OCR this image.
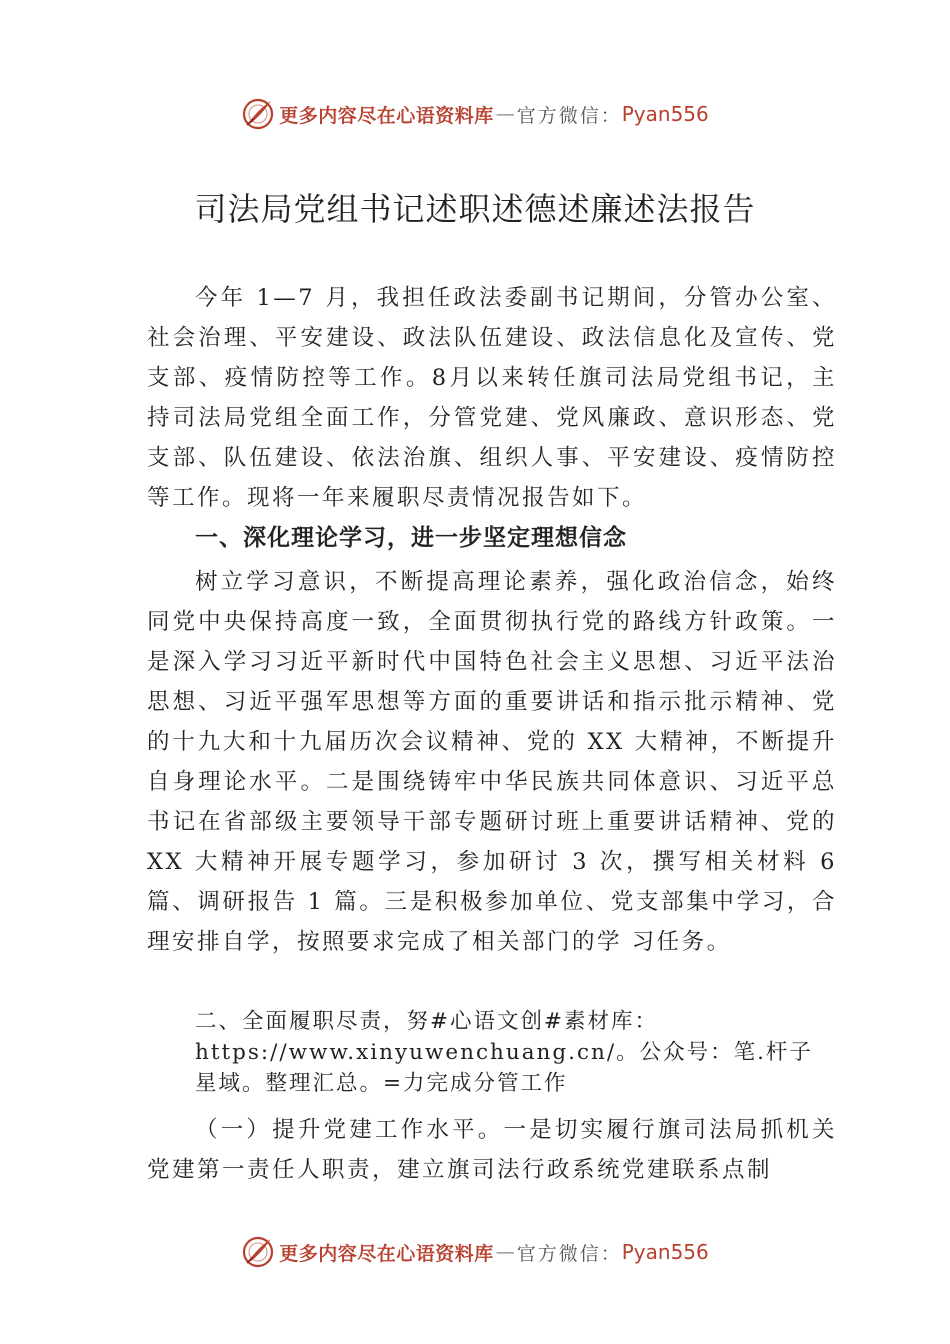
更多内容尽在心语资料库 — 官方微信： Pyan556
司法局党组书记述职述德述廉述法报告

今年 1—7 月，我担任政法委副书记期间，分管办公室、社会治理、平安建设、政法队伍建设、政法信息化及宣传、党支部、疫情防控等工作。8月以来转任旗司法局党组书记，主持司法局党组全面工作，分管党建、党风廉政、意识形态、党支部、队伍建设、依法治旗、组织人事、平安建设、疫情防控等工作。现将一年来履职尽责情况报告如下。

一、深化理论学习，进一步坚定理想信念

树立学习意识，不断提高理论素养，强化政治信念，始终同党中央保持高度一致，全面贯彻执行党的路线方针政策。一是深入学习习近平新时代中国特色社会主义思想、习近平法治思想、习近平强军思想等方面的重要讲话和指示批示精神、党的十九大和十九届历次会议精神、党的 XX 大精神，不断提升自身理论水平。二是围绕铸牢中华民族共同体意识、习近平总书记在省部级主要领导干部专题研讨班上重要讲话精神、党的 XX 大精神开展专题学习，参加研讨 3 次，撰写相关材料 6 篇、调研报告 1 篇。三是积极参加单位、党支部集中学习，合理安排自学，按照要求完成了相关部门的学 习任务。

二、全面履职尽责，努#心语文创#素材库：https://www.xinyuwenchuang.cn/。公众号：笔.杆子星域。整理汇总。=力完成分管工作

（一）提升党建工作水平。一是切实履行旗司法局抓机关党建第一责任人职责，建立旗司法行政系统党建联系点制

更多内容尽在心语资料库 — 官方微信： Pyan556
